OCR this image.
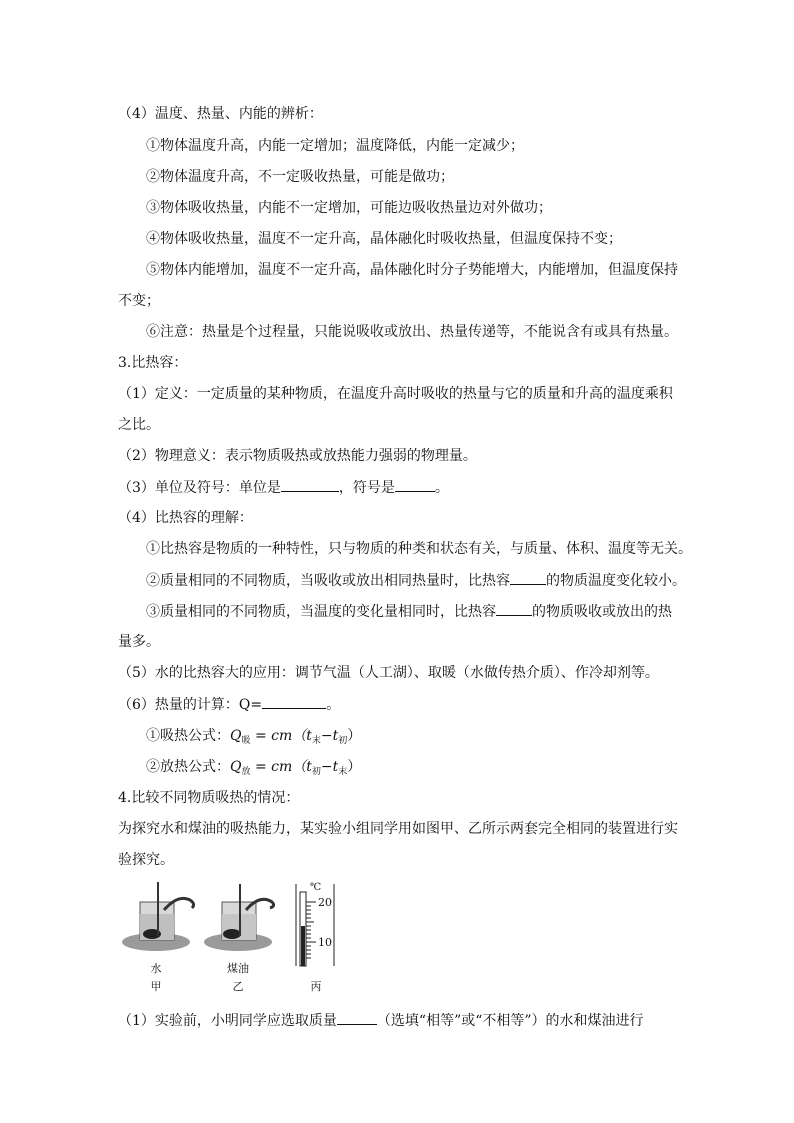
（4）温度、热量、内能的辨析：
①物体温度升高，内能一定增加；温度降低，内能一定减少；
②物体温度升高，不一定吸收热量，可能是做功；
③物体吸收热量，内能不一定增加，可能边吸收热量边对外做功；
④物体吸收热量，温度不一定升高，晶体融化时吸收热量，但温度保持不变；
⑤物体内能增加，温度不一定升高，晶体融化时分子势能增大，内能增加，但温度保持
不变；
⑥注意：热量是个过程量，只能说吸收或放出、热量传递等，不能说含有或具有热量。
3.比热容：
（1）定义：一定质量的某种物质，在温度升高时吸收的热量与它的质量和升高的温度乘积
之比。
（2）物理意义：表示物质吸热或放热能力强弱的物理量。
（3）单位及符号：单位是	，符号是	。
（4）比热容的理解：
①比热容是物质的一种特性，只与物质的种类和状态有关，与质量、体积、温度等无关。
②质量相同的不同物质，当吸收或放出相同热量时，比热容	的物质温度变化较小。
③质量相同的不同物质，当温度的变化量相同时，比热容	的物质吸收或放出的热
量多。
（5）水的比热容大的应用：调节气温（人工湖）、取暖（水做传热介质）、作冷却剂等。
（6）热量的计算：Q=	。
①吸热公式：$Q_吸 = cm(t_末-t_初)$
②放热公式：$Q_放 = cm(t_初-t_末)$
4.比较不同物质吸热的情况：
为探究水和煤油的吸热能力，某实验小组同学用如图甲、乙所示两套完全相同的装置进行实
验探究。
水
甲
煤油
乙	丙
℃
20
10
（1）实验前，小明同学应选取质量	（选填“相等”或“不相等”）的水和煤油进行
